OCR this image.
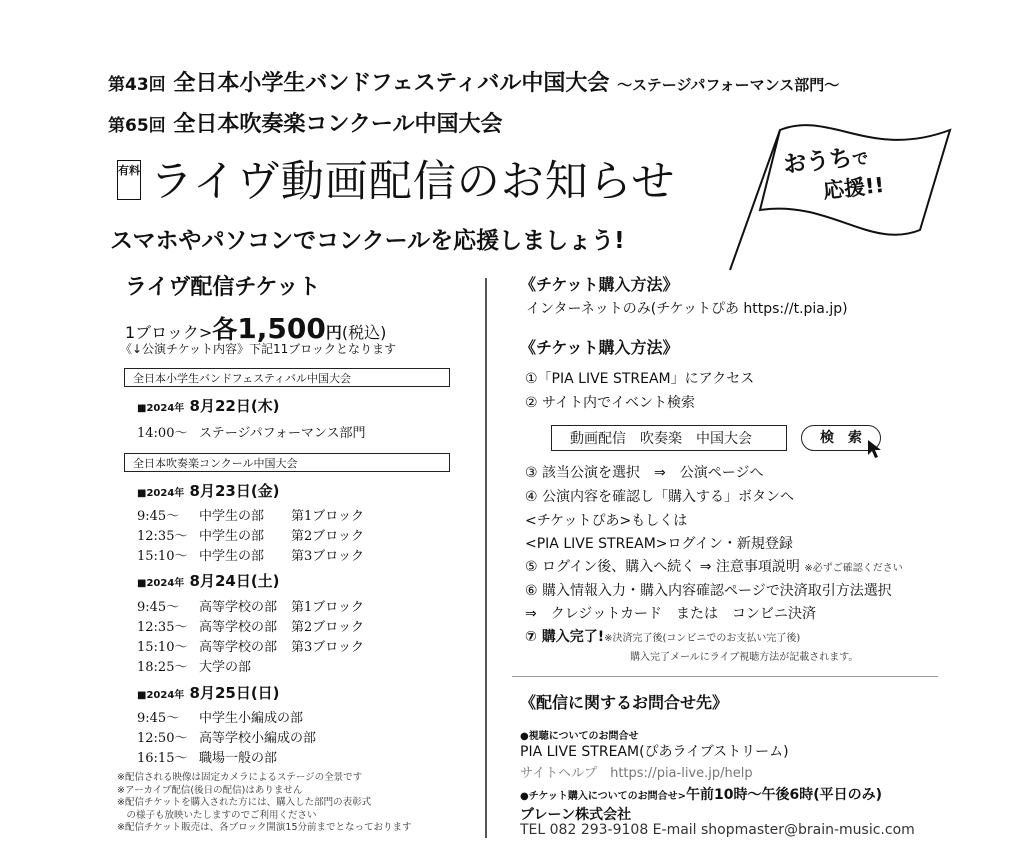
第43回 全日本小学生バンドフェスティバル中国大会 〜ステージパフォーマンス部門〜
第65回 全日本吹奏楽コンクール中国大会
有料 ライヴ動画配信のお知らせ
スマホやパソコンでコンクールを応援しましょう!
おうちで
応援!!
ライヴ配信チケット
1ブロック>各1,500円(税込)
《↓公演チケット内容》下記11ブロックとなります
全日本小学生バンドフェスティバル中国大会
■2024年 8月22日(木)
14:00〜 ステージパフォーマンス部門
全日本吹奏楽コンクール中国大会
■2024年 8月23日(金)
9:45〜 中学生の部 第1ブロック
12:35〜 中学生の部 第2ブロック
15:10〜 中学生の部 第3ブロック
■2024年 8月24日(土)
9:45〜 高等学校の部 第1ブロック
12:35〜 高等学校の部 第2ブロック
15:10〜 高等学校の部 第3ブロック
18:25〜 大学の部
■2024年 8月25日(日)
9:45〜 中学生小編成の部
12:50〜 高等学校小編成の部
16:15〜 職場一般の部
※配信される映像は固定カメラによるステージの全景です
※アーカイブ配信(後日の配信)はありません
※配信チケットを購入された方には、購入した部門の表彰式
　の様子も放映いたしますのでご利用ください
※配信チケット販売は、各ブロック開演15分前までとなっております
《チケット購入方法》
インターネットのみ(チケットぴあ https://t.pia.jp)
《チケット購入方法》
①「PIA LIVE STREAM」にアクセス
② サイト内でイベント検索
動画配信　吹奏楽　中国大会	検　索
③ 該当公演を選択　⇒　公演ページへ
④ 公演内容を確認し「購入する」ボタンへ
<チケットぴあ>もしくは
<PIA LIVE STREAM>ログイン・新規登録
⑤ ログイン後、購入へ続く ⇒ 注意事項説明 ※必ずご確認ください
⑥ 購入情報入力・購入内容確認ページで決済取引方法選択
⇒　クレジットカード　または　コンビニ決済
⑦ 購入完了!※決済完了後(コンビニでのお支払い完了後)
購入完了メールにライブ視聴方法が記載されます。
《配信に関するお問合せ先》
●視聴についてのお問合せ
PIA LIVE STREAM(ぴあライブストリーム)
サイトヘルプ　https://pia-live.jp/help
●チケット購入についてのお問合せ>午前10時〜午後6時(平日のみ)
ブレーン株式会社
TEL 082 293-9108 E-mail shopmaster@brain-music.com
